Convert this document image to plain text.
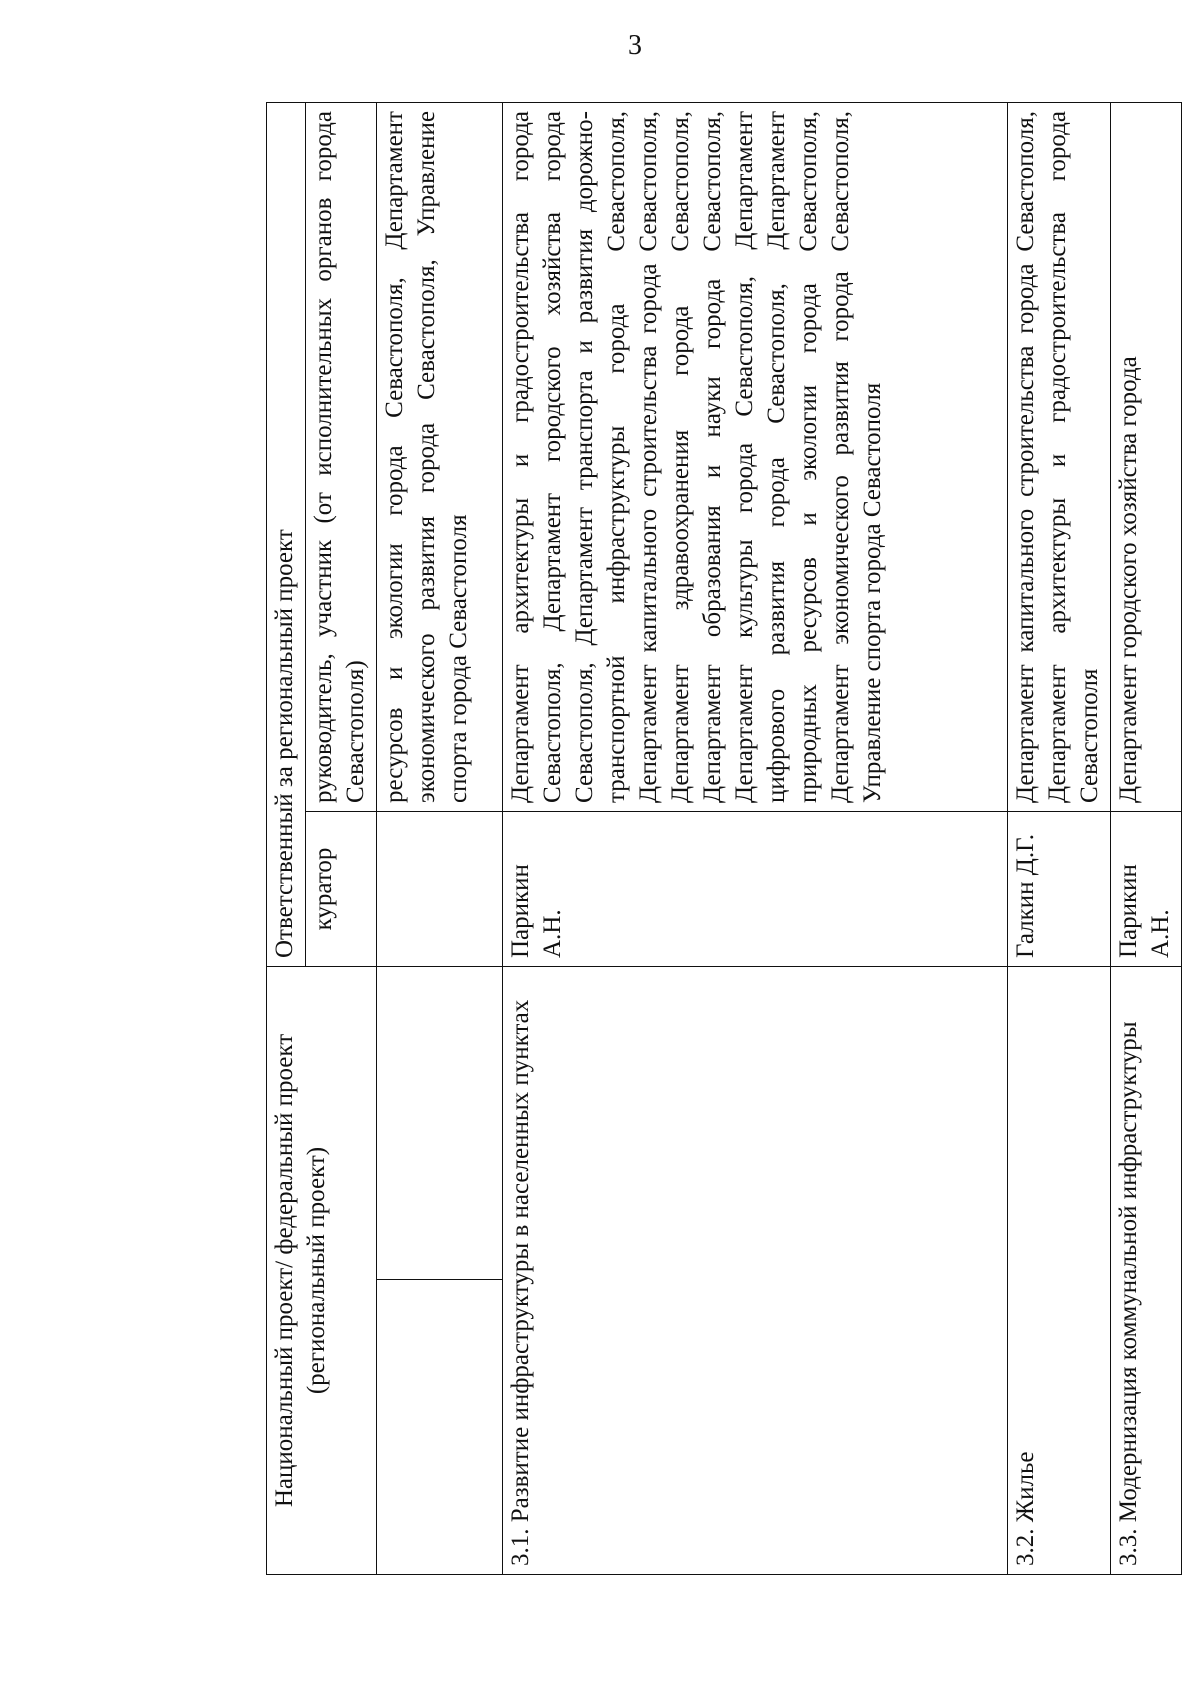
3
Национальный проект/ федеральный проект (региональный проект)	Ответственный за региональный проект	
	куратор	руководитель, участник (от исполнительных органов города Севастополя)

		ресурсов и экологии города Севастополя, Департамент экономического развития города Севастополя, Управление спорта города Севастополя
3.1. Развитие инфраструктуры в населенных пунктах	Парикин А.Н.	Департамент архитектуры и градостроительства города Севастополя, Департамент городского хозяйства города Севастополя, Департамент транспорта и развития дорожно-транспортной инфраструктуры города Севастополя, Департамент капитального строительства города Севастополя, Департамент здравоохранения города Севастополя, Департамент образования и науки города Севастополя, Департамент культуры города Севастополя, Департамент цифрового развития города Севастополя, Департамент природных ресурсов и экологии города Севастополя, Департамент экономического развития города Севастополя, Управление спорта города Севастополя
3.2. Жилье	Галкин Д.Г.	Департамент капитального строительства города Севастополя, Департамент архитектуры и градостроительства города Севастополя
3.3. Модернизация коммунальной инфраструктуры	Парикин А.Н.	Департамент городского хозяйства города
